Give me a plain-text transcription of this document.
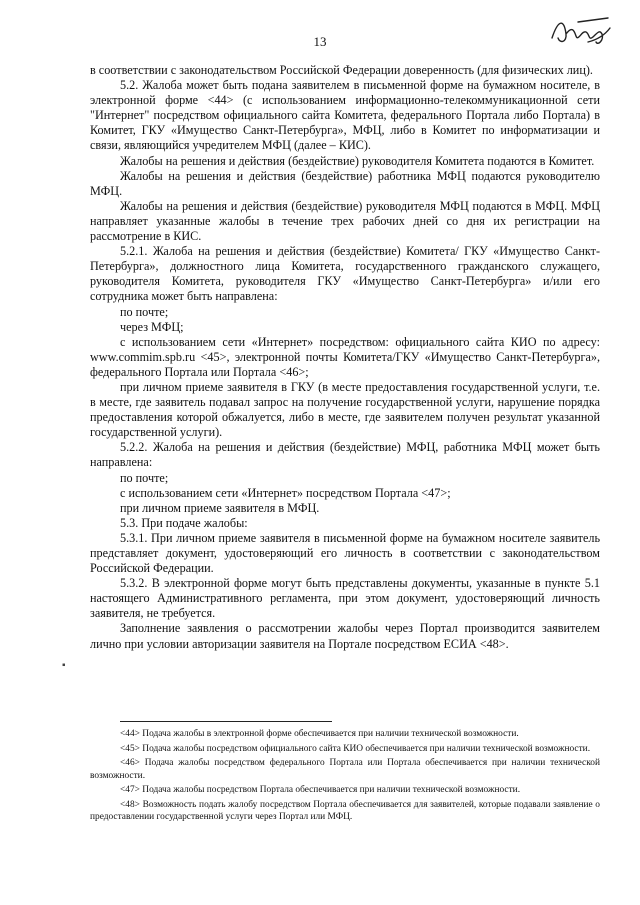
13

в соответствии с законодательством Российской Федерации доверенность (для физических лиц).

5.2. Жалоба может быть подана заявителем в письменной форме на бумажном носителе, в электронной форме <44> (с использованием информационно-телекоммуникационной сети "Интернет" посредством официального сайта Комитета, федерального Портала либо Портала) в Комитет, ГКУ «Имущество Санкт-Петербурга», МФЦ, либо в Комитет по информатизации и связи, являющийся учредителем МФЦ (далее – КИС).

Жалобы на решения и действия (бездействие) руководителя Комитета подаются в Комитет.

Жалобы на решения и действия (бездействие) работника МФЦ подаются руководителю МФЦ.

Жалобы на решения и действия (бездействие) руководителя МФЦ подаются в МФЦ. МФЦ направляет указанные жалобы в течение трех рабочих дней со дня их регистрации на рассмотрение в КИС.

5.2.1. Жалоба на решения и действия (бездействие) Комитета/ ГКУ «Имущество Санкт-Петербурга», должностного лица Комитета, государственного гражданского служащего, руководителя Комитета, руководителя ГКУ «Имущество Санкт-Петербурга» и/или его сотрудника может быть направлена:

по почте;

через МФЦ;

с использованием сети «Интернет» посредством: официального сайта КИО по адресу: www.commim.spb.ru <45>, электронной почты Комитета/ГКУ «Имущество Санкт-Петербурга», федерального Портала или Портала <46>;

при личном приеме заявителя в ГКУ (в месте предоставления государственной услуги, т.е. в месте, где заявитель подавал запрос на получение государственной услуги, нарушение порядка предоставления которой обжалуется, либо в месте, где заявителем получен результат указанной государственной услуги).

5.2.2. Жалоба на решения и действия (бездействие) МФЦ, работника МФЦ может быть направлена:

по почте;

с использованием сети «Интернет» посредством Портала <47>;

при личном приеме заявителя в МФЦ.

5.3. При подаче жалобы:

5.3.1. При личном приеме заявителя в письменной форме на бумажном носителе заявитель представляет документ, удостоверяющий его личность в соответствии с законодательством Российской Федерации.

5.3.2. В электронной форме могут быть представлены документы, указанные в пункте 5.1 настоящего Административного регламента, при этом документ, удостоверяющий личность заявителя, не требуется.

Заполнение заявления о рассмотрении жалобы через Портал производится заявителем лично при условии авторизации заявителя на Портале посредством ЕСИА <48>.

<44> Подача жалобы в электронной форме обеспечивается при наличии технической возможности.

<45> Подача жалобы посредством официального сайта КИО обеспечивается при наличии технической возможности.

<46> Подача жалобы посредством федерального Портала или Портала обеспечивается при наличии технической возможности.

<47> Подача жалобы посредством Портала обеспечивается при наличии технической возможности.

<48> Возможность подать жалобу посредством Портала обеспечивается для заявителей, которые подавали заявление о предоставлении государственной услуги через Портал или МФЦ.

▪
